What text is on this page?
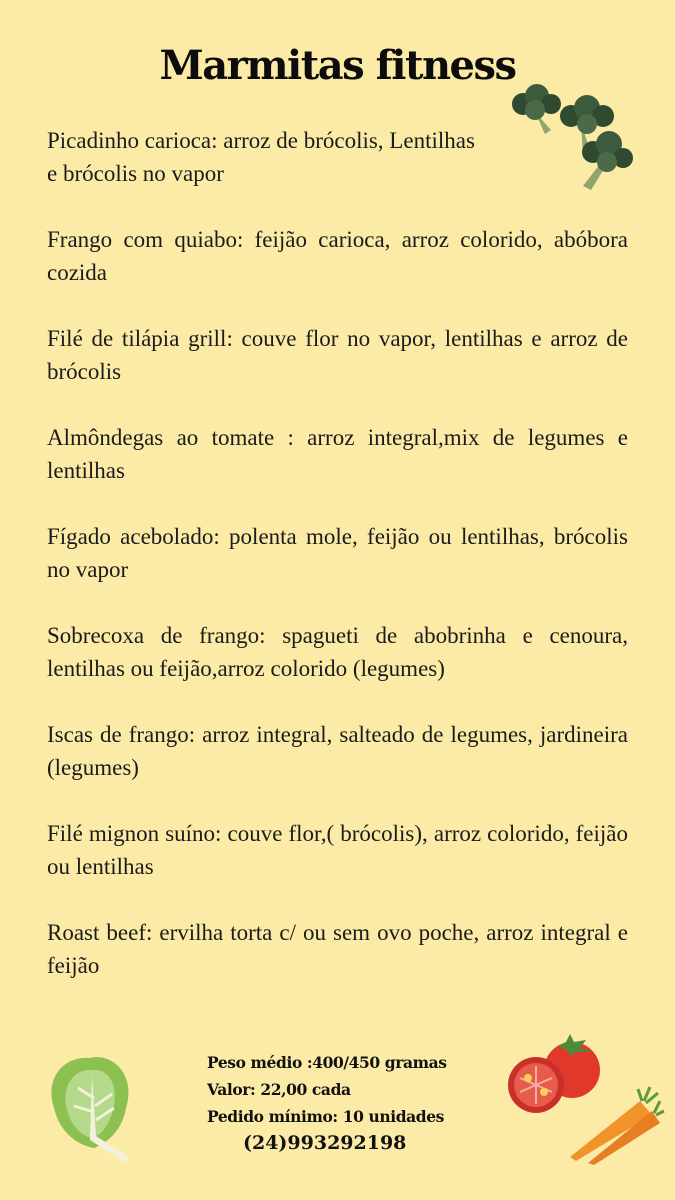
Marmitas fitness
Picadinho carioca: arroz de brócolis, Lentilhas e brócolis no vapor
Frango com quiabo: feijão carioca, arroz colorido, abóbora cozida
Filé de tilápia grill: couve flor no vapor, lentilhas e arroz de brócolis
Almôndegas ao tomate : arroz integral,mix de legumes e lentilhas
Fígado acebolado: polenta mole, feijão ou lentilhas, brócolis no vapor
Sobrecoxa de frango: spagueti de abobrinha e cenoura, lentilhas ou feijão,arroz colorido (legumes)
Iscas de frango: arroz integral, salteado de legumes, jardineira (legumes)
Filé mignon suíno: couve flor,( brócolis), arroz colorido, feijão ou lentilhas
Roast beef: ervilha torta c/ ou sem ovo poche, arroz integral e feijão
Peso médio :400/450 gramas
Valor: 22,00 cada
Pedido mínimo: 10 unidades
(24)993292198
